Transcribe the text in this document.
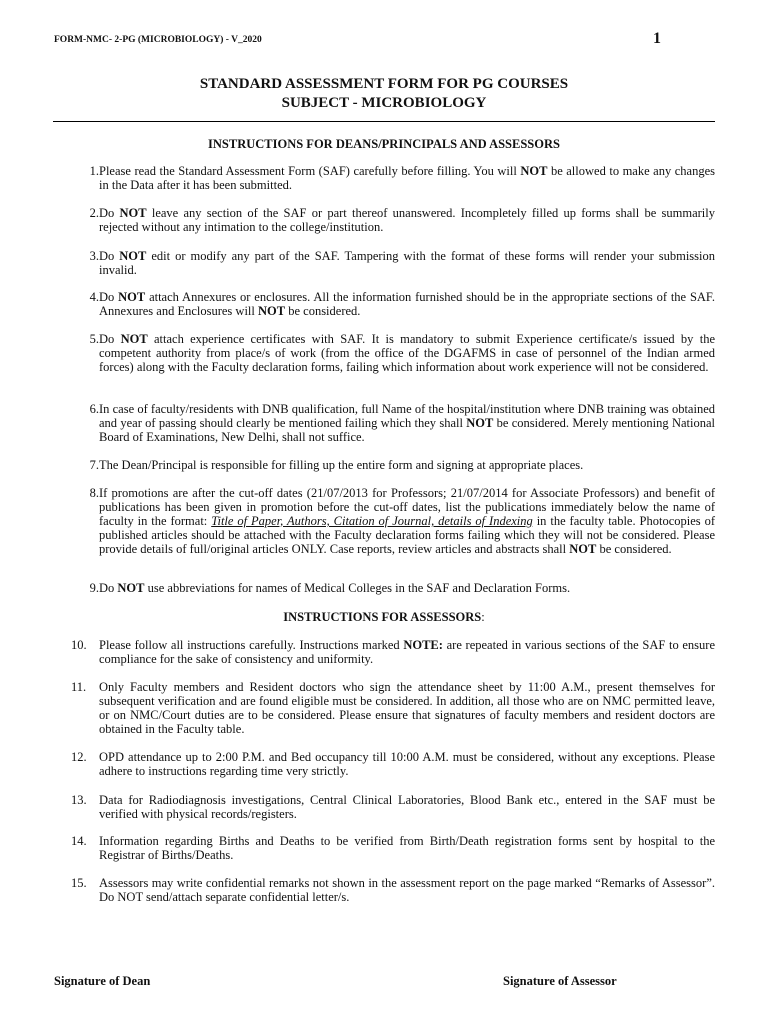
FORM-NMC- 2-PG (MICROBIOLOGY) - V_2020	1
STANDARD ASSESSMENT FORM FOR PG COURSES
SUBJECT - MICROBIOLOGY
INSTRUCTIONS FOR DEANS/PRINCIPALS AND ASSESSORS
1. Please read the Standard Assessment Form (SAF) carefully before filling. You will NOT be allowed to make any changes in the Data after it has been submitted.
2. Do NOT leave any section of the SAF or part thereof unanswered. Incompletely filled up forms shall be summarily rejected without any intimation to the college/institution.
3. Do NOT edit or modify any part of the SAF. Tampering with the format of these forms will render your submission invalid.
4. Do NOT attach Annexures or enclosures. All the information furnished should be in the appropriate sections of the SAF. Annexures and Enclosures will NOT be considered.
5. Do NOT attach experience certificates with SAF. It is mandatory to submit Experience certificate/s issued by the competent authority from place/s of work (from the office of the DGAFMS in case of personnel of the Indian armed forces) along with the Faculty declaration forms, failing which information about work experience will not be considered.
6. In case of faculty/residents with DNB qualification, full Name of the hospital/institution where DNB training was obtained and year of passing should clearly be mentioned failing which they shall NOT be considered. Merely mentioning National Board of Examinations, New Delhi, shall not suffice.
7. The Dean/Principal is responsible for filling up the entire form and signing at appropriate places.
8. If promotions are after the cut-off dates (21/07/2013 for Professors; 21/07/2014 for Associate Professors) and benefit of publications has been given in promotion before the cut-off dates, list the publications immediately below the name of faculty in the format: Title of Paper, Authors, Citation of Journal, details of Indexing in the faculty table. Photocopies of published articles should be attached with the Faculty declaration forms failing which they will not be considered. Please provide details of full/original articles ONLY. Case reports, review articles and abstracts shall NOT be considered.
9. Do NOT use abbreviations for names of Medical Colleges in the SAF and Declaration Forms.
INSTRUCTIONS FOR ASSESSORS:
10. Please follow all instructions carefully. Instructions marked NOTE: are repeated in various sections of the SAF to ensure compliance for the sake of consistency and uniformity.
11.	Only Faculty members and Resident doctors who sign the attendance sheet by 11:00 A.M., present themselves for subsequent verification and are found eligible must be considered. In addition, all those who are on NMC permitted leave, or on NMC/Court duties are to be considered. Please ensure that signatures of faculty members and resident doctors are obtained in the Faculty table.
12. OPD attendance up to 2:00 P.M. and Bed occupancy till 10:00 A.M. must be considered, without any exceptions. Please adhere to instructions regarding time very strictly.
13. Data for Radiodiagnosis investigations, Central Clinical Laboratories, Blood Bank etc., entered in the SAF must be verified with physical records/registers.
14. Information regarding Births and Deaths to be verified from Birth/Death registration forms sent by hospital to the Registrar of Births/Deaths.
15. Assessors may write confidential remarks not shown in the assessment report on the page marked “Remarks of Assessor”. Do NOT send/attach separate confidential letter/s.
Signature of Dean	Signature of Assessor
